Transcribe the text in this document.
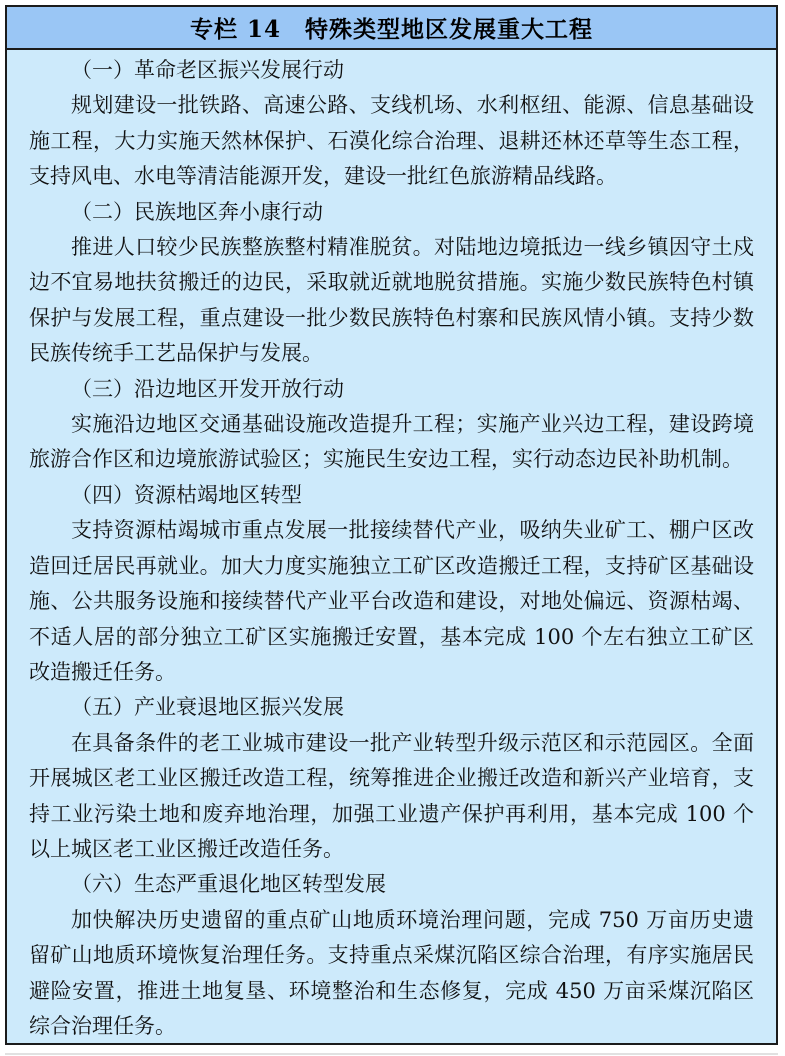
专栏 14　特殊类型地区发展重大工程

（一）革命老区振兴发展行动

规划建设一批铁路、高速公路、支线机场、水利枢纽、能源、信息基础设施工程，大力实施天然林保护、石漠化综合治理、退耕还林还草等生态工程，支持风电、水电等清洁能源开发，建设一批红色旅游精品线路。

（二）民族地区奔小康行动

推进人口较少民族整族整村精准脱贫。对陆地边境抵边一线乡镇因守土戍边不宜易地扶贫搬迁的边民，采取就近就地脱贫措施。实施少数民族特色村镇保护与发展工程，重点建设一批少数民族特色村寨和民族风情小镇。支持少数民族传统手工艺品保护与发展。

（三）沿边地区开发开放行动

实施沿边地区交通基础设施改造提升工程；实施产业兴边工程，建设跨境旅游合作区和边境旅游试验区；实施民生安边工程，实行动态边民补助机制。

（四）资源枯竭地区转型

支持资源枯竭城市重点发展一批接续替代产业，吸纳失业矿工、棚户区改造回迁居民再就业。加大力度实施独立工矿区改造搬迁工程，支持矿区基础设施、公共服务设施和接续替代产业平台改造和建设，对地处偏远、资源枯竭、不适人居的部分独立工矿区实施搬迁安置，基本完成 100 个左右独立工矿区改造搬迁任务。

（五）产业衰退地区振兴发展

在具备条件的老工业城市建设一批产业转型升级示范区和示范园区。全面开展城区老工业区搬迁改造工程，统筹推进企业搬迁改造和新兴产业培育，支持工业污染土地和废弃地治理，加强工业遗产保护再利用，基本完成 100 个以上城区老工业区搬迁改造任务。

（六）生态严重退化地区转型发展

加快解决历史遗留的重点矿山地质环境治理问题，完成 750 万亩历史遗留矿山地质环境恢复治理任务。支持重点采煤沉陷区综合治理，有序实施居民避险安置，推进土地复垦、环境整治和生态修复，完成 450 万亩采煤沉陷区综合治理任务。
